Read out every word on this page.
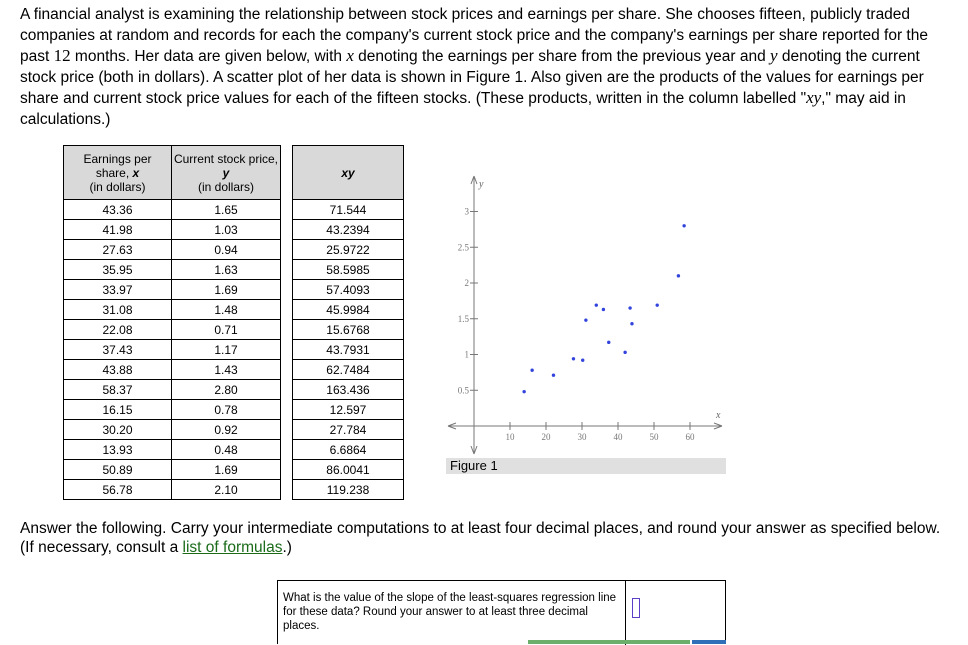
A financial analyst is examining the relationship between stock prices and earnings per share. She chooses fifteen, publicly traded companies at random and records for each the company's current stock price and the company's earnings per share reported for the past 12 months. Her data are given below, with x denoting the earnings per share from the previous year and y denoting the current stock price (both in dollars). A scatter plot of her data is shown in Figure 1. Also given are the products of the values for earnings per share and current stock price values for each of the fifteen stocks. (These products, written in the column labelled "xy," may aid in calculations.)
Earnings per
share, x
(in dollars)	Current stock price,
y
(in dollars)
43.36	1.65
41.98	1.03
27.63	0.94
35.95	1.63
33.97	1.69
31.08	1.48
22.08	0.71
37.43	1.17
43.88	1.43
58.37	2.80
16.15	0.78
30.20	0.92
13.93	0.48
50.89	1.69
56.78	2.10
xy
71.544
43.2394
25.9722
58.5985
57.4093
45.9984
15.6768
43.7931
62.7484
163.436
12.597
27.784
6.6864
86.0041
119.238
x
y
10	20	30	40	50	60
0.5
1
1.5
2
2.5
3
Figure 1
Answer the following. Carry your intermediate computations to at least four decimal places, and round your answer as specified below. (If necessary, consult a list of formulas.)
What is the value of the slope of the least-squares regression line for these data? Round your answer to at least three decimal places.
